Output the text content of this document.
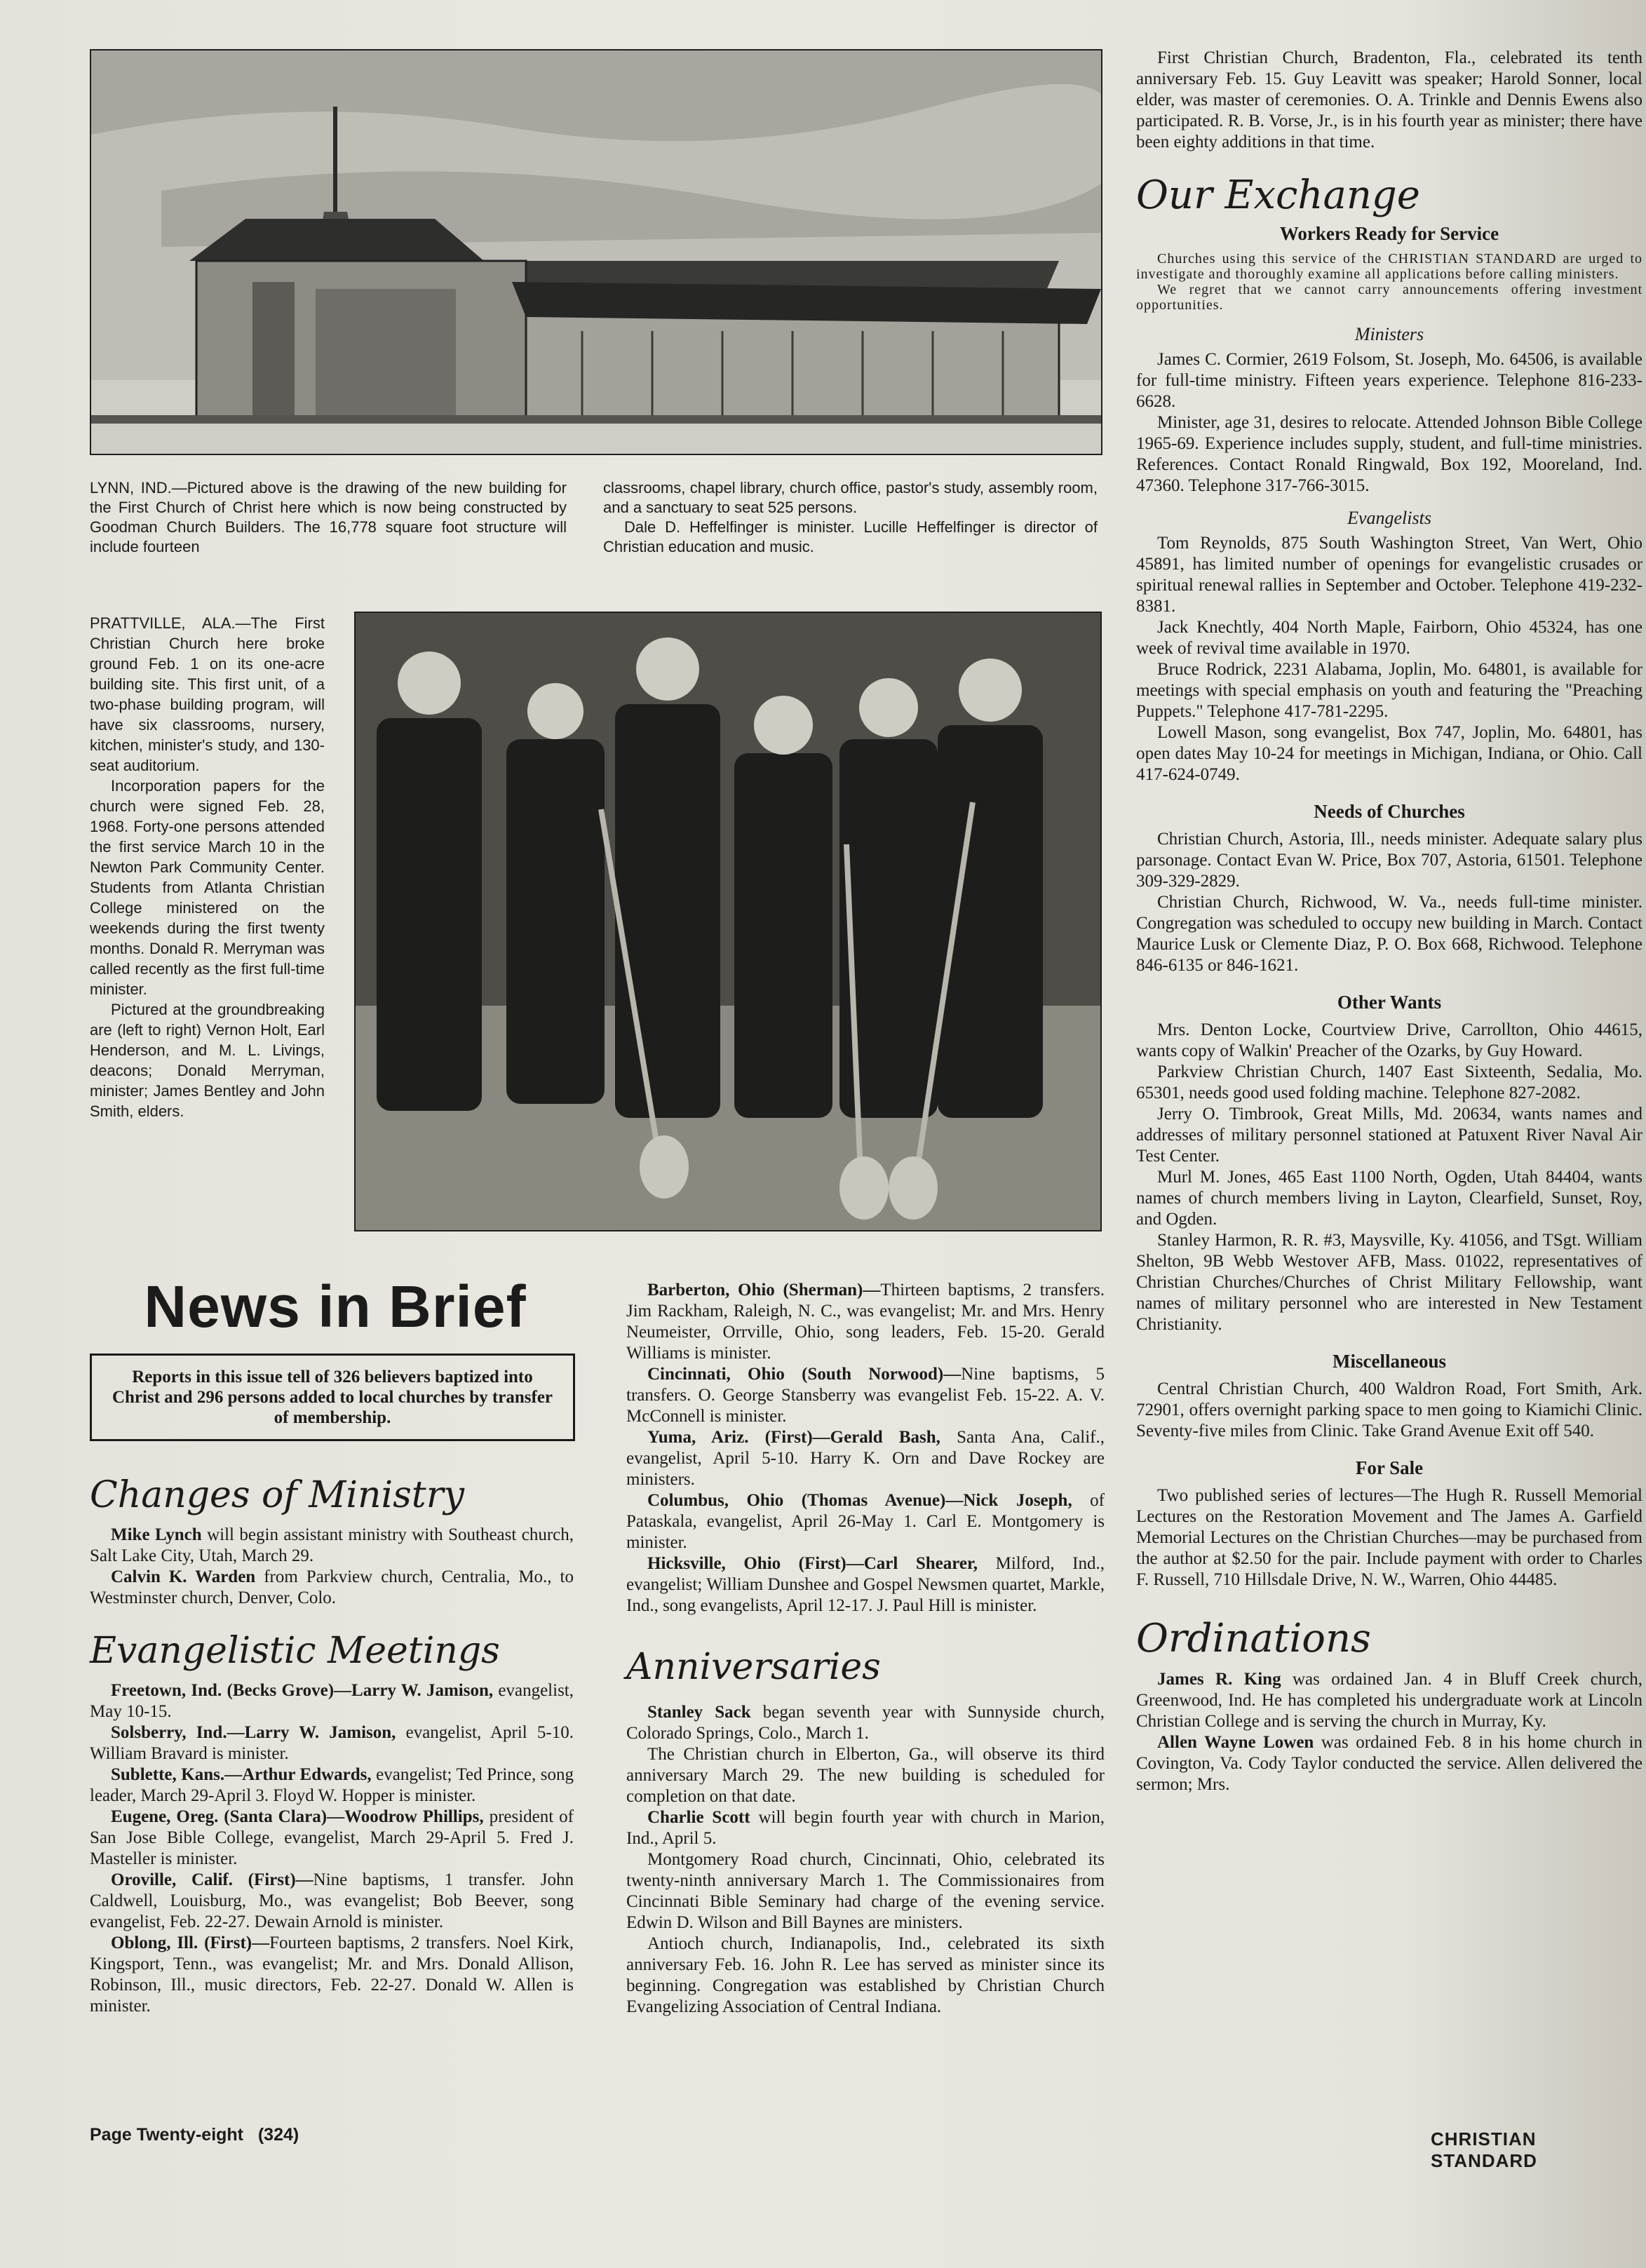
LYNN, IND.—Pictured above is the drawing of the new building for the First Church of Christ here which is now being constructed by Goodman Church Builders. The 16,778 square foot structure will include fourteen

classrooms, chapel library, church office, pastor's study, assembly room, and a sanctuary to seat 525 persons.

Dale D. Heffelfinger is minister. Lucille Heffelfinger is director of Christian education and music.

PRATTVILLE, ALA.—The First Christian Church here broke ground Feb. 1 on its one-acre building site. This first unit, of a two-phase building program, will have six classrooms, nursery, kitchen, minister's study, and 130-seat auditorium.

Incorporation papers for the church were signed Feb. 28, 1968. Forty-one persons attended the first service March 10 in the Newton Park Community Center. Students from Atlanta Christian College ministered on the weekends during the first twenty months. Donald R. Merryman was called recently as the first full-time minister.

Pictured at the groundbreaking are (left to right) Vernon Holt, Earl Henderson, and M. L. Livings, deacons; Donald Merryman, minister; James Bentley and John Smith, elders.

News in Brief

Reports in this issue tell of 326 believers baptized into Christ and 296 persons added to local churches by transfer of membership.

Changes of Ministry

Mike Lynch will begin assistant ministry with Southeast church, Salt Lake City, Utah, March 29.

Calvin K. Warden from Parkview church, Centralia, Mo., to Westminster church, Denver, Colo.

Evangelistic Meetings

Freetown, Ind. (Becks Grove)—Larry W. Jamison, evangelist, May 10-15.

Solsberry, Ind.—Larry W. Jamison, evangelist, April 5-10. William Bravard is minister.

Sublette, Kans.—Arthur Edwards, evangelist; Ted Prince, song leader, March 29-April 3. Floyd W. Hopper is minister.

Eugene, Oreg. (Santa Clara)—Woodrow Phillips, president of San Jose Bible College, evangelist, March 29-April 5. Fred J. Masteller is minister.

Oroville, Calif. (First)—Nine baptisms, 1 transfer. John Caldwell, Louisburg, Mo., was evangelist; Bob Beever, song evangelist, Feb. 22-27. Dewain Arnold is minister.

Oblong, Ill. (First)—Fourteen baptisms, 2 transfers. Noel Kirk, Kingsport, Tenn., was evangelist; Mr. and Mrs. Donald Allison, Robinson, Ill., music directors, Feb. 22-27. Donald W. Allen is minister.

Barberton, Ohio (Sherman)—Thirteen baptisms, 2 transfers. Jim Rackham, Raleigh, N. C., was evangelist; Mr. and Mrs. Henry Neumeister, Orrville, Ohio, song leaders, Feb. 15-20. Gerald Williams is minister.

Cincinnati, Ohio (South Norwood)—Nine baptisms, 5 transfers. O. George Stansberry was evangelist Feb. 15-22. A. V. McConnell is minister.

Yuma, Ariz. (First)—Gerald Bash, Santa Ana, Calif., evangelist, April 5-10. Harry K. Orn and Dave Rockey are ministers.

Columbus, Ohio (Thomas Avenue)—Nick Joseph, of Pataskala, evangelist, April 26-May 1. Carl E. Montgomery is minister.

Hicksville, Ohio (First)—Carl Shearer, Milford, Ind., evangelist; William Dunshee and Gospel Newsmen quartet, Markle, Ind., song evangelists, April 12-17. J. Paul Hill is minister.

Anniversaries

Stanley Sack began seventh year with Sunnyside church, Colorado Springs, Colo., March 1.

The Christian church in Elberton, Ga., will observe its third anniversary March 29. The new building is scheduled for completion on that date.

Charlie Scott will begin fourth year with church in Marion, Ind., April 5.

Montgomery Road church, Cincinnati, Ohio, celebrated its twenty-ninth anniversary March 1. The Commissionaires from Cincinnati Bible Seminary had charge of the evening service. Edwin D. Wilson and Bill Baynes are ministers.

Antioch church, Indianapolis, Ind., celebrated its sixth anniversary Feb. 16. John R. Lee has served as minister since its beginning. Congregation was established by Christian Church Evangelizing Association of Central Indiana.

First Christian Church, Bradenton, Fla., celebrated its tenth anniversary Feb. 15. Guy Leavitt was speaker; Harold Sonner, local elder, was master of ceremonies. O. A. Trinkle and Dennis Ewens also participated. R. B. Vorse, Jr., is in his fourth year as minister; there have been eighty additions in that time.

Our Exchange
Workers Ready for Service

Churches using this service of the CHRISTIAN STANDARD are urged to investigate and thoroughly examine all applications before calling ministers.

We regret that we cannot carry announcements offering investment opportunities.

Ministers

James C. Cormier, 2619 Folsom, St. Joseph, Mo. 64506, is available for full-time ministry. Fifteen years experience. Telephone 816-233-6628.

Minister, age 31, desires to relocate. Attended Johnson Bible College 1965-69. Experience includes supply, student, and full-time ministries. References. Contact Ronald Ringwald, Box 192, Mooreland, Ind. 47360. Telephone 317-766-3015.

Evangelists

Tom Reynolds, 875 South Washington Street, Van Wert, Ohio 45891, has limited number of openings for evangelistic crusades or spiritual renewal rallies in September and October. Telephone 419-232-8381.

Jack Knechtly, 404 North Maple, Fairborn, Ohio 45324, has one week of revival time available in 1970.

Bruce Rodrick, 2231 Alabama, Joplin, Mo. 64801, is available for meetings with special emphasis on youth and featuring the "Preaching Puppets." Telephone 417-781-2295.

Lowell Mason, song evangelist, Box 747, Joplin, Mo. 64801, has open dates May 10-24 for meetings in Michigan, Indiana, or Ohio. Call 417-624-0749.

Needs of Churches

Christian Church, Astoria, Ill., needs minister. Adequate salary plus parsonage. Contact Evan W. Price, Box 707, Astoria, 61501. Telephone 309-329-2829.

Christian Church, Richwood, W. Va., needs full-time minister. Congregation was scheduled to occupy new building in March. Contact Maurice Lusk or Clemente Diaz, P. O. Box 668, Richwood. Telephone 846-6135 or 846-1621.

Other Wants

Mrs. Denton Locke, Courtview Drive, Carrollton, Ohio 44615, wants copy of Walkin' Preacher of the Ozarks, by Guy Howard.

Parkview Christian Church, 1407 East Sixteenth, Sedalia, Mo. 65301, needs good used folding machine. Telephone 827-2082.

Jerry O. Timbrook, Great Mills, Md. 20634, wants names and addresses of military personnel stationed at Patuxent River Naval Air Test Center.

Murl M. Jones, 465 East 1100 North, Ogden, Utah 84404, wants names of church members living in Layton, Clearfield, Sunset, Roy, and Ogden.

Stanley Harmon, R. R. #3, Maysville, Ky. 41056, and TSgt. William Shelton, 9B Webb Westover AFB, Mass. 01022, representatives of Christian Churches/Churches of Christ Military Fellowship, want names of military personnel who are interested in New Testament Christianity.

Miscellaneous

Central Christian Church, 400 Waldron Road, Fort Smith, Ark. 72901, offers overnight parking space to men going to Kiamichi Clinic. Seventy-five miles from Clinic. Take Grand Avenue Exit off 540.

For Sale

Two published series of lectures—The Hugh R. Russell Memorial Lectures on the Restoration Movement and The James A. Garfield Memorial Lectures on the Christian Churches—may be purchased from the author at $2.50 for the pair. Include payment with order to Charles F. Russell, 710 Hillsdale Drive, N. W., Warren, Ohio 44485.

Ordinations

James R. King was ordained Jan. 4 in Bluff Creek church, Greenwood, Ind. He has completed his undergraduate work at Lincoln Christian College and is serving the church in Murray, Ky.

Allen Wayne Lowen was ordained Feb. 8 in his home church in Covington, Va. Cody Taylor conducted the service. Allen delivered the sermon; Mrs.

Page Twenty-eight   (324)	CHRISTIAN STANDARD
